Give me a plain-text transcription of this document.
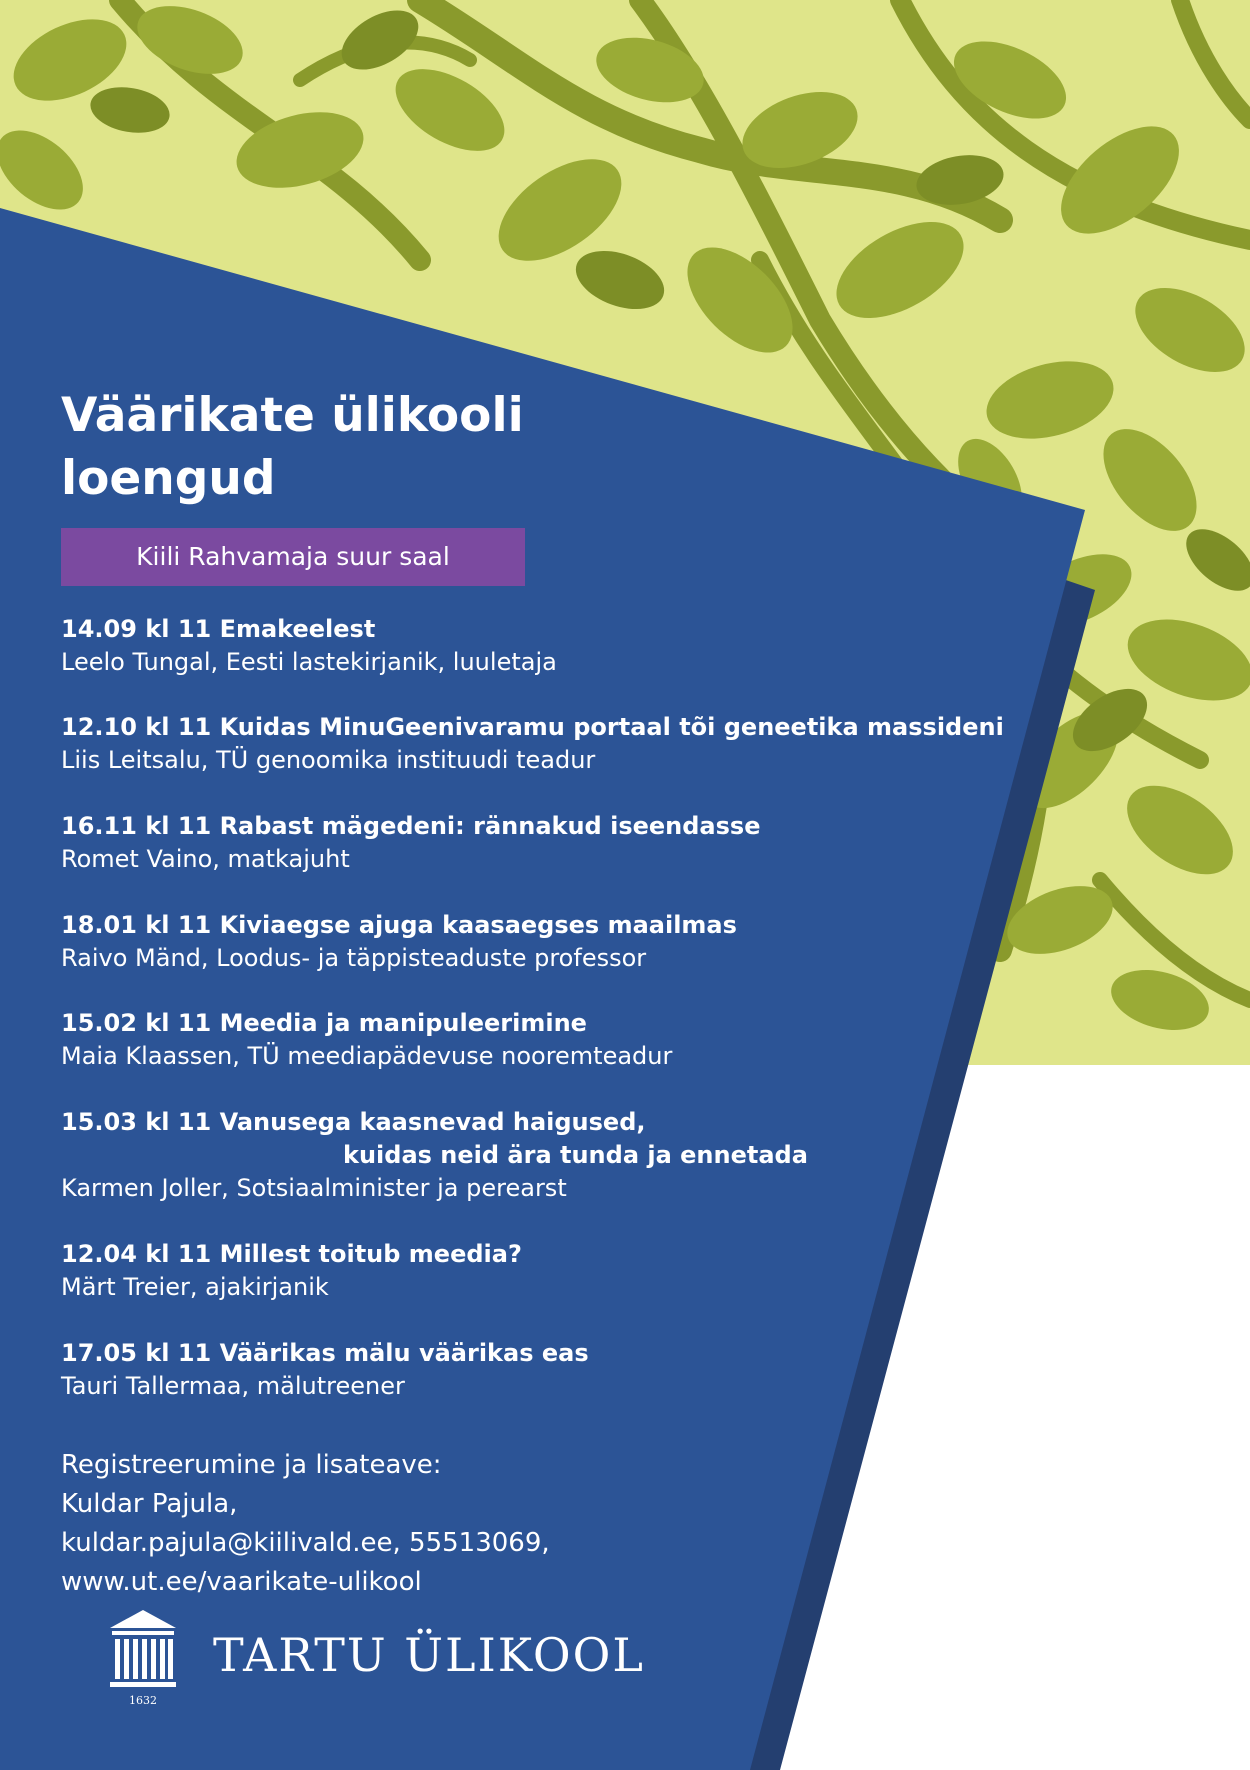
Väärikate ülikooli
loengud
Kiili Rahvamaja suur saal
14.09 kl 11 Emakeelest
Leelo Tungal, Eesti lastekirjanik, luuletaja
12.10 kl 11 Kuidas MinuGeenivaramu portaal tõi geneetika massideni
Liis Leitsalu, TÜ genoomika instituudi teadur
16.11 kl 11 Rabast mägedeni: rännakud iseendasse
Romet Vaino, matkajuht
18.01 kl 11 Kiviaegse ajuga kaasaegses maailmas
Raivo Mänd, Loodus- ja täppisteaduste professor
15.02 kl 11 Meedia ja manipuleerimine
Maia Klaassen, TÜ meediapädevuse nooremteadur
15.03 kl 11 Vanusega kaasnevad haigused,
kuidas neid ära tunda ja ennetada
Karmen Joller, Sotsiaalminister ja perearst
12.04 kl 11 Millest toitub meedia?
Märt Treier, ajakirjanik
17.05 kl 11 Väärikas mälu väärikas eas
Tauri Tallermaa, mälutreener
Registreerumine ja lisateave:
Kuldar Pajula,
kuldar.pajula@kiilivald.ee, 55513069,
www.ut.ee/vaarikate-ulikool
1632
TARTU ÜLIKOOL
